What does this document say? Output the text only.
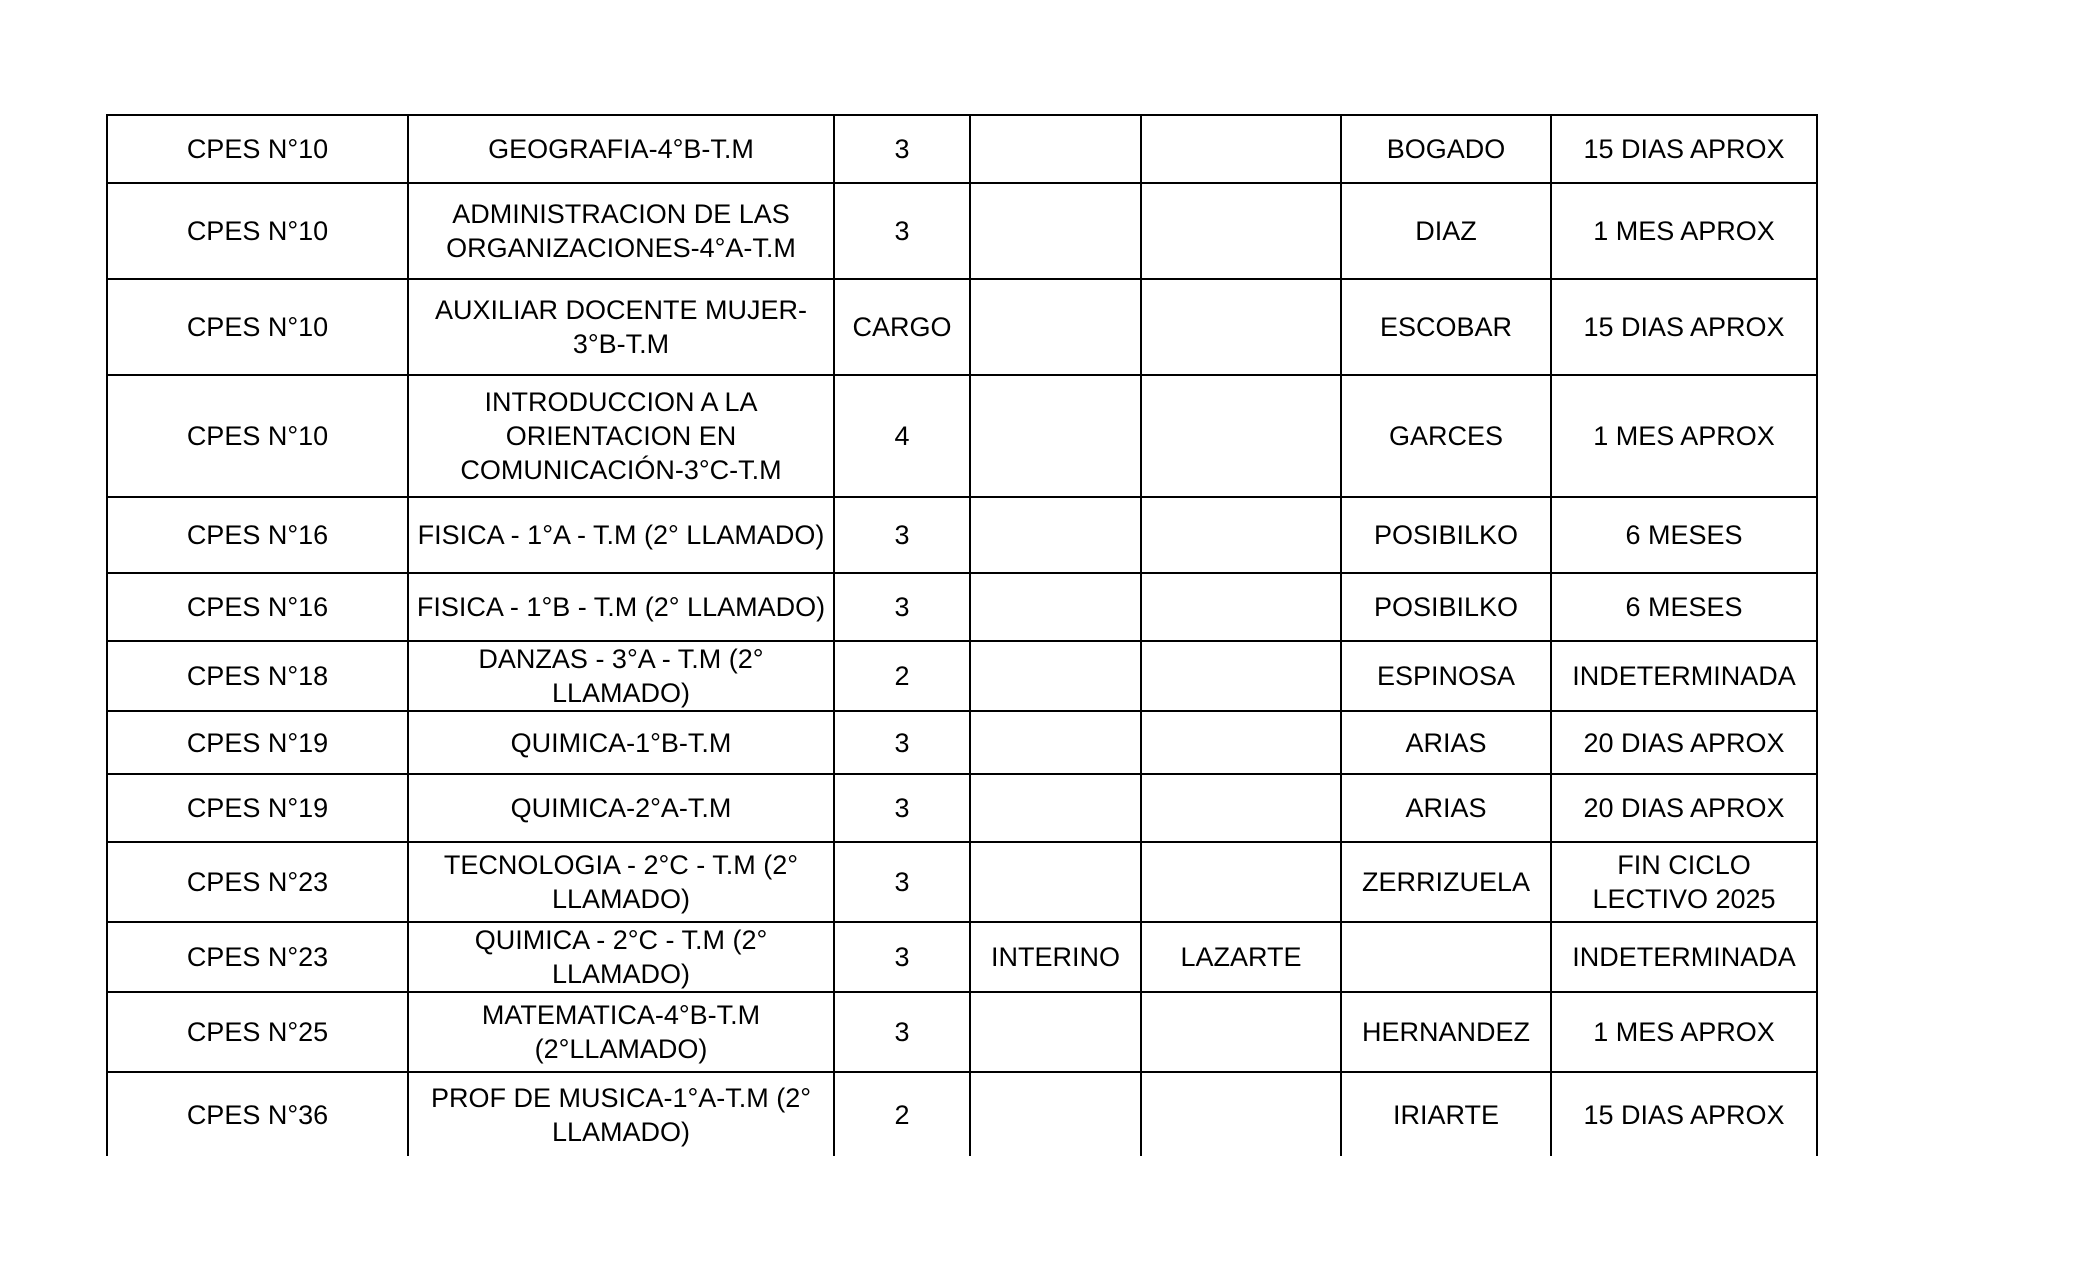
CPES N°10	GEOGRAFIA-4°B-T.M	3			BOGADO	15 DIAS APROX
CPES N°10	ADMINISTRACION DE LAS ORGANIZACIONES-4°A-T.M	3			DIAZ	1 MES APROX
CPES N°10	AUXILIAR DOCENTE MUJER-3°B-T.M	CARGO			ESCOBAR	15 DIAS APROX
CPES N°10	INTRODUCCION A LA ORIENTACION EN COMUNICACIÓN-3°C-T.M	4			GARCES	1 MES APROX
CPES N°16	FISICA - 1°A - T.M (2° LLAMADO)	3			POSIBILKO	6 MESES
CPES N°16	FISICA - 1°B - T.M (2° LLAMADO)	3			POSIBILKO	6 MESES
CPES N°18	DANZAS - 3°A - T.M (2° LLAMADO)	2			ESPINOSA	INDETERMINADA
CPES N°19	QUIMICA-1°B-T.M	3			ARIAS	20 DIAS APROX
CPES N°19	QUIMICA-2°A-T.M	3			ARIAS	20 DIAS APROX
CPES N°23	TECNOLOGIA - 2°C - T.M (2° LLAMADO)	3			ZERRIZUELA	FIN CICLO LECTIVO 2025
CPES N°23	QUIMICA - 2°C - T.M (2° LLAMADO)	3	INTERINO	LAZARTE		INDETERMINADA
CPES N°25	MATEMATICA-4°B-T.M (2°LLAMADO)	3			HERNANDEZ	1 MES APROX
CPES N°36	PROF DE MUSICA-1°A-T.M (2° LLAMADO)	2			IRIARTE	15 DIAS APROX
